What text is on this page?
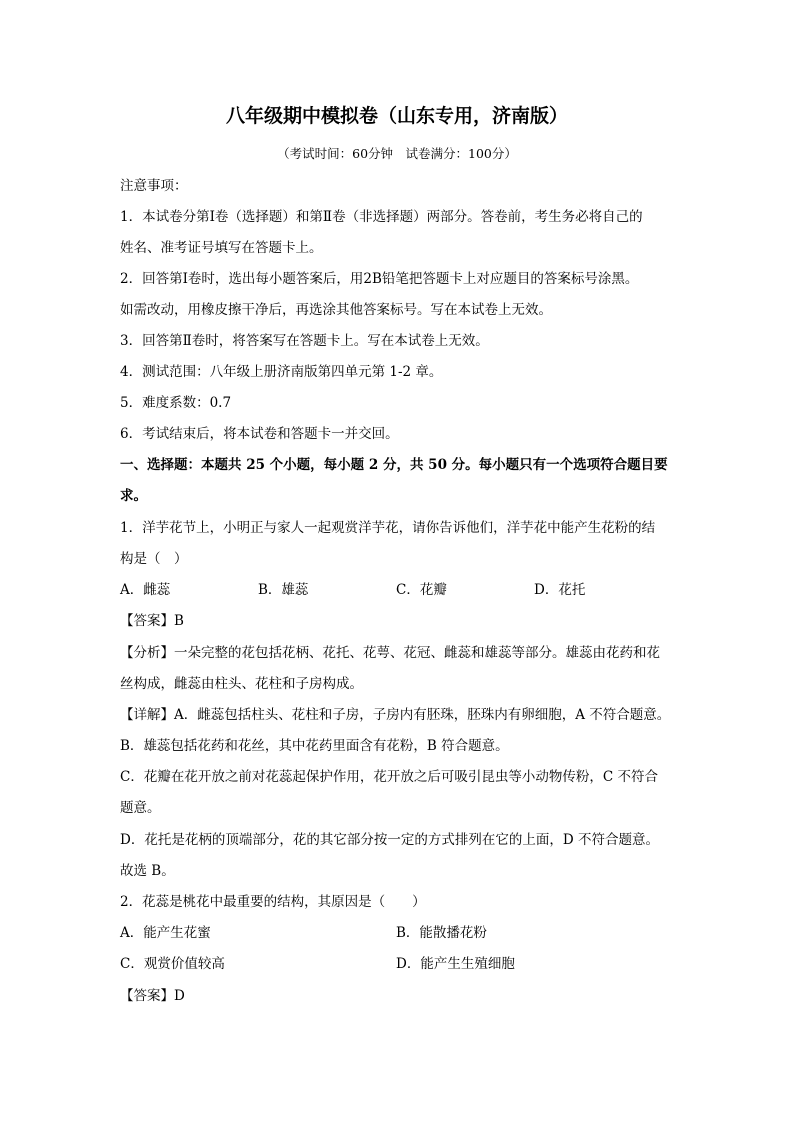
八年级期中模拟卷（山东专用，济南版）
（考试时间：60分钟　试卷满分：100分）
注意事项：
1．本试卷分第Ⅰ卷（选择题）和第Ⅱ卷（非选择题）两部分。答卷前，考生务必将自己的
姓名、准考证号填写在答题卡上。
2．回答第Ⅰ卷时，选出每小题答案后，用2B铅笔把答题卡上对应题目的答案标号涂黑。
如需改动，用橡皮擦干净后，再选涂其他答案标号。写在本试卷上无效。
3．回答第Ⅱ卷时，将答案写在答题卡上。写在本试卷上无效。
4．测试范围：八年级上册济南版第四单元第 1-2 章。
5．难度系数：0.7
6．考试结束后，将本试卷和答题卡一并交回。
一、选择题：本题共 25 个小题，每小题 2 分，共 50 分。每小题只有一个选项符合题目要
求。
1．洋芋花节上，小明正与家人一起观赏洋芋花，请你告诉他们，洋芋花中能产生花粉的结
构是（　）
A．雌蕊	B．雄蕊	C．花瓣	D．花托
【答案】B
【分析】一朵完整的花包括花柄、花托、花萼、花冠、雌蕊和雄蕊等部分。雄蕊由花药和花
丝构成，雌蕊由柱头、花柱和子房构成。
【详解】A．雌蕊包括柱头、花柱和子房，子房内有胚珠，胚珠内有卵细胞，A 不符合题意。
B．雄蕊包括花药和花丝，其中花药里面含有花粉，B 符合题意。
C．花瓣在花开放之前对花蕊起保护作用，花开放之后可吸引昆虫等小动物传粉，C 不符合
题意。
D．花托是花柄的顶端部分，花的其它部分按一定的方式排列在它的上面，D 不符合题意。
故选 B。
2．花蕊是桃花中最重要的结构，其原因是（　　）
A．能产生花蜜	B．能散播花粉
C．观赏价值较高	D．能产生生殖细胞
【答案】D
